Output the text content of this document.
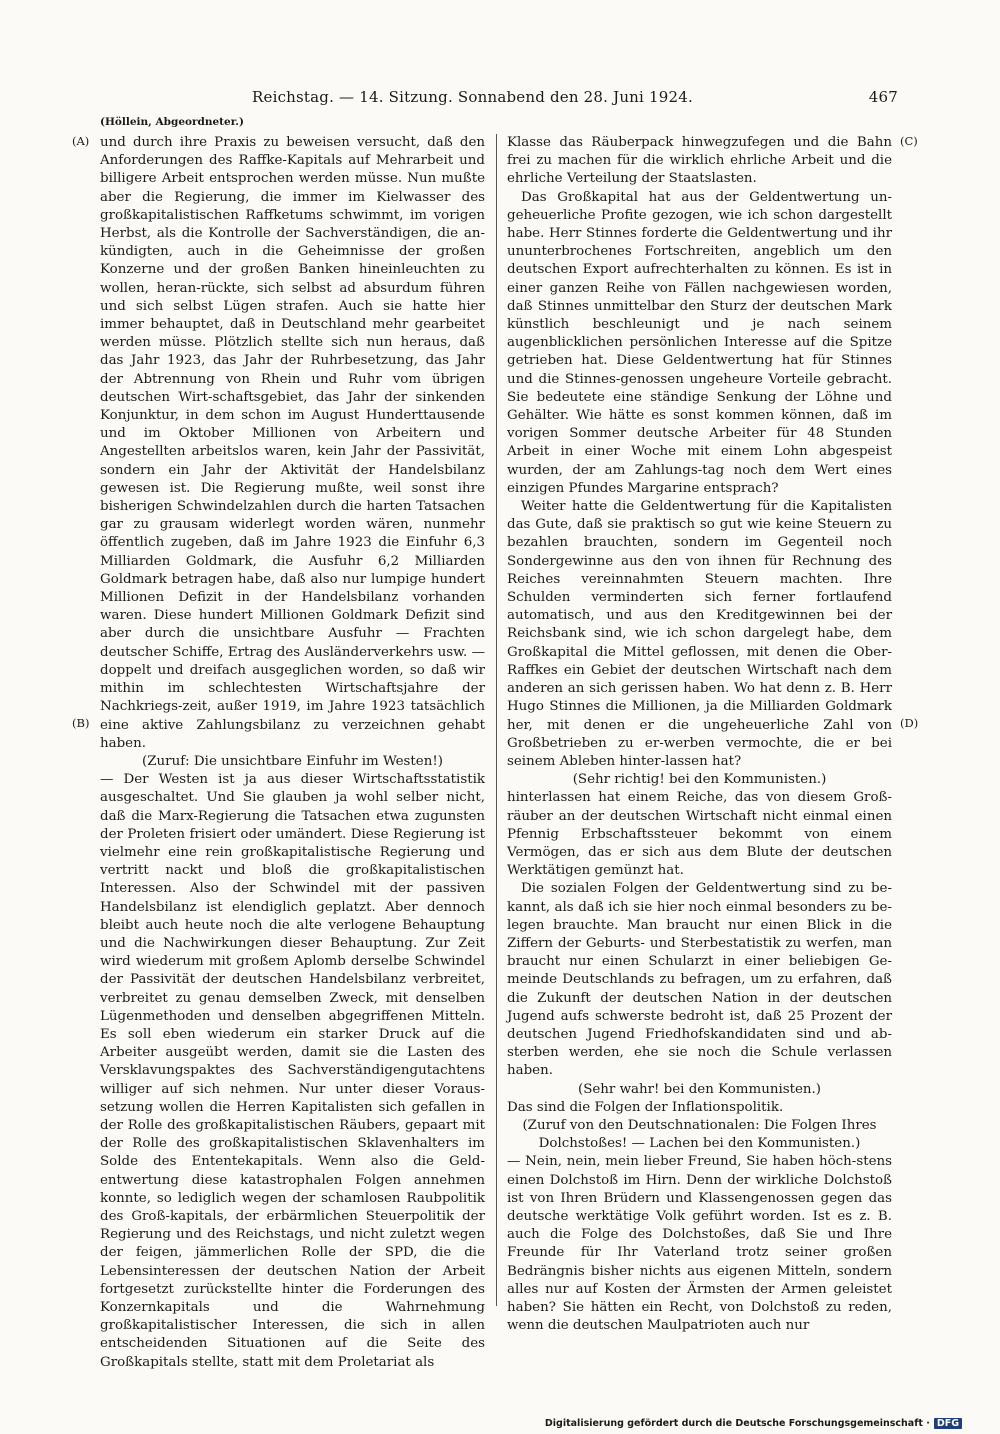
Reichstag. — 14. Sitzung. Sonnabend den 28. Juni 1924.	467
(Höllein, Abgeordneter.)
(A)
(B)
(C)
(D)

und durch ihre Praxis zu beweisen versucht, daß den Anforderungen des Raffke-Kapitals auf Mehrarbeit und billigere Arbeit entsprochen werden müsse. Nun mußte aber die Regierung, die immer im Kielwasser des großkapitalistischen Raffketums schwimmt, im vorigen Herbst, als die Kontrolle der Sachverständigen, die an-kündigten, auch in die Geheimnisse der großen Konzerne und der großen Banken hineinleuchten zu wollen, heran-rückte, sich selbst ad absurdum führen und sich selbst Lügen strafen. Auch sie hatte hier immer behauptet, daß in Deutschland mehr gearbeitet werden müsse. Plötzlich stellte sich nun heraus, daß das Jahr 1923, das Jahr der Ruhrbesetzung, das Jahr der Abtrennung von Rhein und Ruhr vom übrigen deutschen Wirt-schaftsgebiet, das Jahr der sinkenden Konjunktur, in dem schon im August Hunderttausende und im Oktober Millionen von Arbeitern und Angestellten arbeitslos waren, kein Jahr der Passivität, sondern ein Jahr der Aktivität der Handelsbilanz gewesen ist. Die Regierung mußte, weil sonst ihre bisherigen Schwindelzahlen durch die harten Tatsachen gar zu grausam widerlegt worden wären, nunmehr öffentlich zugeben, daß im Jahre 1923 die Einfuhr 6,3 Milliarden Goldmark, die Ausfuhr 6,2 Milliarden Goldmark betragen habe, daß also nur lumpige hundert Millionen Defizit in der Handelsbilanz vorhanden waren. Diese hundert Millionen Goldmark Defizit sind aber durch die unsichtbare Ausfuhr — Frachten deutscher Schiffe, Ertrag des Ausländerverkehrs usw. — doppelt und dreifach ausgeglichen worden, so daß wir mithin im schlechtesten Wirtschaftsjahre der Nachkriegs-zeit, außer 1919, im Jahre 1923 tatsächlich eine aktive Zahlungsbilanz zu verzeichnen gehabt haben.

(Zuruf: Die unsichtbare Einfuhr im Westen!)

— Der Westen ist ja aus dieser Wirtschaftsstatistik ausgeschaltet. Und Sie glauben ja wohl selber nicht, daß die Marx-Regierung die Tatsachen etwa zugunsten der Proleten frisiert oder umändert. Diese Regierung ist vielmehr eine rein großkapitalistische Regierung und vertritt nackt und bloß die großkapitalistischen Interessen. Also der Schwindel mit der passiven Handelsbilanz ist elendiglich geplatzt. Aber dennoch bleibt auch heute noch die alte verlogene Behauptung und die Nachwirkungen dieser Behauptung. Zur Zeit wird wiederum mit großem Aplomb derselbe Schwindel der Passivität der deutschen Handelsbilanz verbreitet, verbreitet zu genau demselben Zweck, mit denselben Lügenmethoden und denselben abgegriffenen Mitteln. Es soll eben wiederum ein starker Druck auf die Arbeiter ausgeübt werden, damit sie die Lasten des Versklavungspaktes des Sachverständigengutachtens williger auf sich nehmen. Nur unter dieser Voraus-setzung wollen die Herren Kapitalisten sich gefallen in der Rolle des großkapitalistischen Räubers, gepaart mit der Rolle des großkapitalistischen Sklavenhalters im Solde des Ententekapitals. Wenn also die Geld-entwertung diese katastrophalen Folgen annehmen konnte, so lediglich wegen der schamlosen Raubpolitik des Groß-kapitals, der erbärmlichen Steuerpolitik der Regierung und des Reichstags, und nicht zuletzt wegen der feigen, jämmerlichen Rolle der SPD, die die Lebensinteressen der deutschen Nation der Arbeit fortgesetzt zurückstellte hinter die Forderungen des Konzernkapitals und die Wahrnehmung großkapitalistischer Interessen, die sich in allen entscheidenden Situationen auf die Seite des Großkapitals stellte, statt mit dem Proletariat als

Klasse das Räuberpack hinwegzufegen und die Bahn frei zu machen für die wirklich ehrliche Arbeit und die ehrliche Verteilung der Staatslasten.

Das Großkapital hat aus der Geldentwertung un-geheuerliche Profite gezogen, wie ich schon dargestellt habe. Herr Stinnes forderte die Geldentwertung und ihr ununterbrochenes Fortschreiten, angeblich um den deutschen Export aufrechterhalten zu können. Es ist in einer ganzen Reihe von Fällen nachgewiesen worden, daß Stinnes unmittelbar den Sturz der deutschen Mark künstlich beschleunigt und je nach seinem augenblicklichen persönlichen Interesse auf die Spitze getrieben hat. Diese Geldentwertung hat für Stinnes und die Stinnes-genossen ungeheure Vorteile gebracht. Sie bedeutete eine ständige Senkung der Löhne und Gehälter. Wie hätte es sonst kommen können, daß im vorigen Sommer deutsche Arbeiter für 48 Stunden Arbeit in einer Woche mit einem Lohn abgespeist wurden, der am Zahlungs-tag noch dem Wert eines einzigen Pfundes Margarine entsprach?

Weiter hatte die Geldentwertung für die Kapitalisten das Gute, daß sie praktisch so gut wie keine Steuern zu bezahlen brauchten, sondern im Gegenteil noch Sondergewinne aus den von ihnen für Rechnung des Reiches vereinnahmten Steuern machten. Ihre Schulden verminderten sich ferner fortlaufend automatisch, und aus den Kreditgewinnen bei der Reichsbank sind, wie ich schon dargelegt habe, dem Großkapital die Mittel geflossen, mit denen die Ober-Raffkes ein Gebiet der deutschen Wirtschaft nach dem anderen an sich gerissen haben. Wo hat denn z. B. Herr Hugo Stinnes die Millionen, ja die Milliarden Goldmark her, mit denen er die ungeheuerliche Zahl von Großbetrieben zu er-werben vermochte, die er bei seinem Ableben hinter-lassen hat?

(Sehr richtig! bei den Kommunisten.)

hinterlassen hat einem Reiche, das von diesem Groß-räuber an der deutschen Wirtschaft nicht einmal einen Pfennig Erbschaftssteuer bekommt von einem Vermögen, das er sich aus dem Blute der deutschen Werktätigen gemünzt hat.

Die sozialen Folgen der Geldentwertung sind zu be-kannt, als daß ich sie hier noch einmal besonders zu be-legen brauchte. Man braucht nur einen Blick in die Ziffern der Geburts- und Sterbestatistik zu werfen, man braucht nur einen Schularzt in einer beliebigen Ge-meinde Deutschlands zu befragen, um zu erfahren, daß die Zukunft der deutschen Nation in der deutschen Jugend aufs schwerste bedroht ist, daß 25 Prozent der deutschen Jugend Friedhofskandidaten sind und ab-sterben werden, ehe sie noch die Schule verlassen haben.

(Sehr wahr! bei den Kommunisten.)

Das sind die Folgen der Inflationspolitik.

(Zuruf von den Deutschnationalen: Die Folgen Ihres Dolchstoßes! — Lachen bei den Kommunisten.)

— Nein, nein, mein lieber Freund, Sie haben höch-stens einen Dolchstoß im Hirn. Denn der wirkliche Dolchstoß ist von Ihren Brüdern und Klassengenossen gegen das deutsche werktätige Volk geführt worden. Ist es z. B. auch die Folge des Dolchstoßes, daß Sie und Ihre Freunde für Ihr Vaterland trotz seiner großen Bedrängnis bisher nichts aus eigenen Mitteln, sondern alles nur auf Kosten der Ärmsten der Armen geleistet haben? Sie hätten ein Recht, von Dolchstoß zu reden, wenn die deutschen Maulpatrioten auch nur

Digitalisierung gefördert durch die Deutsche Forschungsgemeinschaft · DFG
